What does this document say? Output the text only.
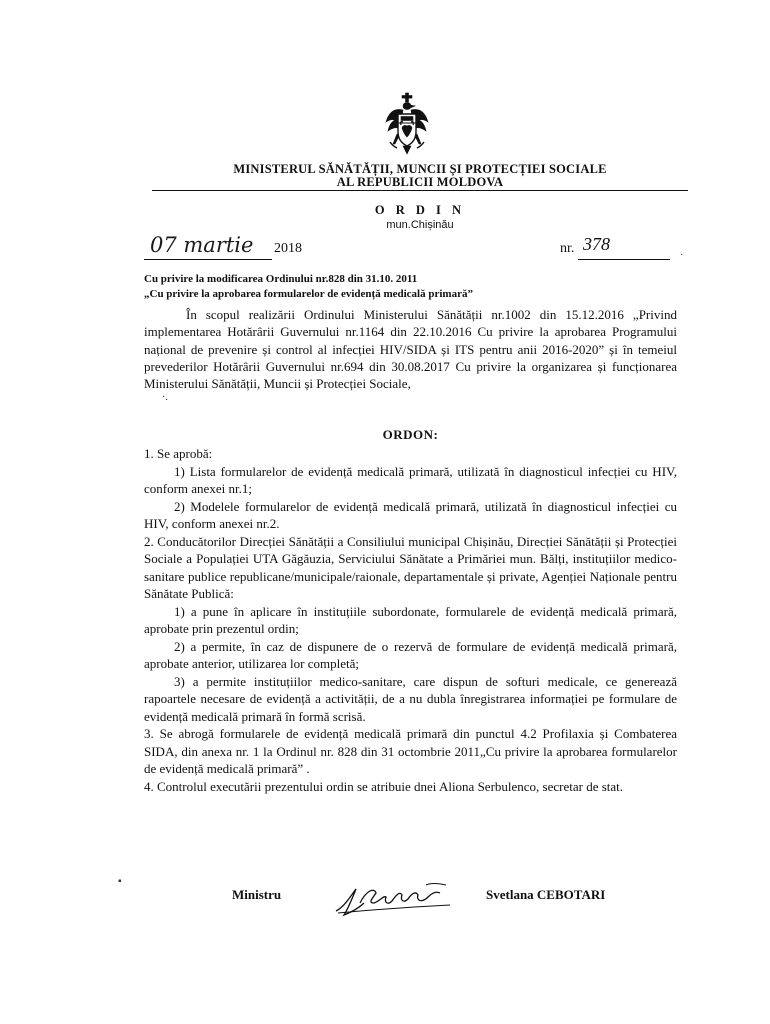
MINISTERUL SĂNĂTĂȚII, MUNCII ȘI PROTECȚIEI SOCIALE
AL REPUBLICII MOLDOVA
O R D I N
mun.Chișinău
07 martie 2018	nr. 378
Cu privire la modificarea Ordinului nr.828 din 31.10. 2011
„Cu privire la aprobarea formularelor de evidență medicală primară”
În scopul realizării Ordinului Ministerului Sănătății nr.1002 din 15.12.2016 „Privind implementarea Hotărârii Guvernului nr.1164 din 22.10.2016 Cu privire la aprobarea Programului național de prevenire și control al infecției HIV/SIDA și ITS pentru anii 2016-2020” și în temeiul prevederilor Hotărârii Guvernului nr.694 din 30.08.2017 Cu privire la organizarea și funcționarea Ministerului Sănătății, Muncii și Protecției Sociale,
ORDON:

1. Se aprobă:

1) Lista formularelor de evidență medicală primară, utilizată în diagnosticul infecției cu HIV, conform anexei nr.1;

2) Modelele formularelor de evidență medicală primară, utilizată în diagnosticul infecției cu HIV, conform anexei nr.2.

2. Conducătorilor Direcției Sănătății a Consiliului municipal Chișinău, Direcției Sănătății și Protecției Sociale a Populației UTA Găgăuzia, Serviciului Sănătate a Primăriei mun. Bălți, instituțiilor medico-sanitare publice republicane/municipale/raionale, departamentale și private, Agenției Naționale pentru Sănătate Publică:

1) a pune în aplicare în instituțiile subordonate, formularele de evidență medicală primară, aprobate prin prezentul ordin;

2) a permite, în caz de dispunere de o rezervă de formulare de evidență medicală primară, aprobate anterior, utilizarea lor completă;

3) a permite instituțiilor medico-sanitare, care dispun de softuri medicale, ce generează rapoartele necesare de evidență a activității, de a nu dubla înregistrarea informației pe formulare de evidență medicală primară în formă scrisă.

3. Se abrogă formularele de evidență medicală primară din punctul 4.2 Profilaxia și Combaterea SIDA, din anexa nr. 1 la Ordinul nr. 828 din 31 octombrie 2011„Cu privire la aprobarea formularelor de evidență medicală primară” .

4. Controlul executării prezentului ordin se atribuie dnei Aliona Serbulenco, secretar de stat.

Ministru	Svetlana CEBOTARI
·.
▪
·
